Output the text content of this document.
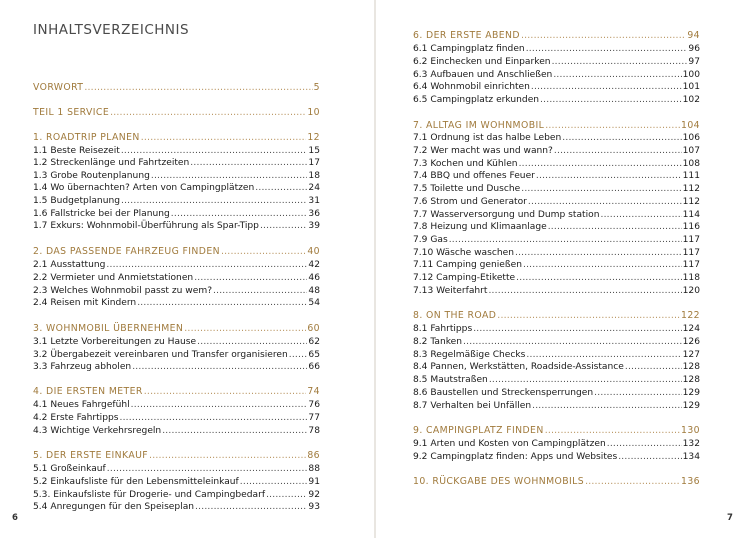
INHALTSVERZEICHNIS
VORWORT .....	5
TEIL 1 SERVICE .....	10
1. ROADTRIP PLANEN .....	12
1.1 Beste Reisezeit .....	15
1.2 Streckenlänge und Fahrtzeiten .....	17
1.3 Grobe Routenplanung .....	18
1.4 Wo übernachten? Arten von Campingplätzen .....	24
1.5 Budgetplanung .....	31
1.6 Fallstricke bei der Planung .....	36
1.7 Exkurs: Wohnmobil-Überführung als Spar-Tipp .....	39
2. DAS PASSENDE FAHRZEUG FINDEN .....	40
2.1 Ausstattung .....	42
2.2 Vermieter und Anmietstationen .....	46
2.3 Welches Wohnmobil passt zu wem? .....	48
2.4 Reisen mit Kindern .....	54
3. WOHNMOBIL ÜBERNEHMEN .....	60
3.1 Letzte Vorbereitungen zu Hause .....	62
3.2 Übergabezeit vereinbaren und Transfer organisieren ..... 65
3.3 Fahrzeug abholen .....	66
4. DIE ERSTEN METER .....	74
4.1 Neues Fahrgefühl .....	76
4.2 Erste Fahrtipps .....	77
4.3 Wichtige Verkehrsregeln .....	78
5. DER ERSTE EINKAUF .....	86
5.1 Großeinkauf .....	88
5.2 Einkaufsliste für den Lebensmitteleinkauf .....	91
5.3. Einkaufsliste für Drogerie- und Campingbedarf .....	92
5.4 Anregungen für den Speiseplan .....	93
6. DER ERSTE ABEND .....	94
6.1 Campingplatz finden .....	96
6.2 Einchecken und Einparken .....	97
6.3 Aufbauen und Anschließen .....	100
6.4 Wohnmobil einrichten .....	101
6.5 Campingplatz erkunden .....	102
7. ALLTAG IM WOHNMOBIL .....	104
7.1 Ordnung ist das halbe Leben .....	106
7.2 Wer macht was und wann? .....	107
7.3 Kochen und Kühlen .....	108
7.4 BBQ und offenes Feuer .....	111
7.5 Toilette und Dusche .....	112
7.6 Strom und Generator .....	112
7.7 Wasserversorgung und Dump station .....	114
7.8 Heizung und Klimaanlage .....	116
7.9 Gas .....	117
7.10 Wäsche waschen .....	117
7.11 Camping genießen .....	117
7.12 Camping-Etikette .....	118
7.13 Weiterfahrt .....	120
8. ON THE ROAD .....	122
8.1 Fahrtipps .....	124
8.2 Tanken .....	126
8.3 Regelmäßige Checks .....	127
8.4 Pannen, Werkstätten, Roadside-Assistance .....	128
8.5 Mautstraßen .....	128
8.6 Baustellen und Streckensperrungen .....	129
8.7 Verhalten bei Unfällen .....	129
9. CAMPINGPLATZ FINDEN .....	130
9.1 Arten und Kosten von Campingplätzen .....	132
9.2 Campingplatz finden: Apps und Websites .....	134
10. RÜCKGABE DES WOHNMOBILS .....	136
6	7
